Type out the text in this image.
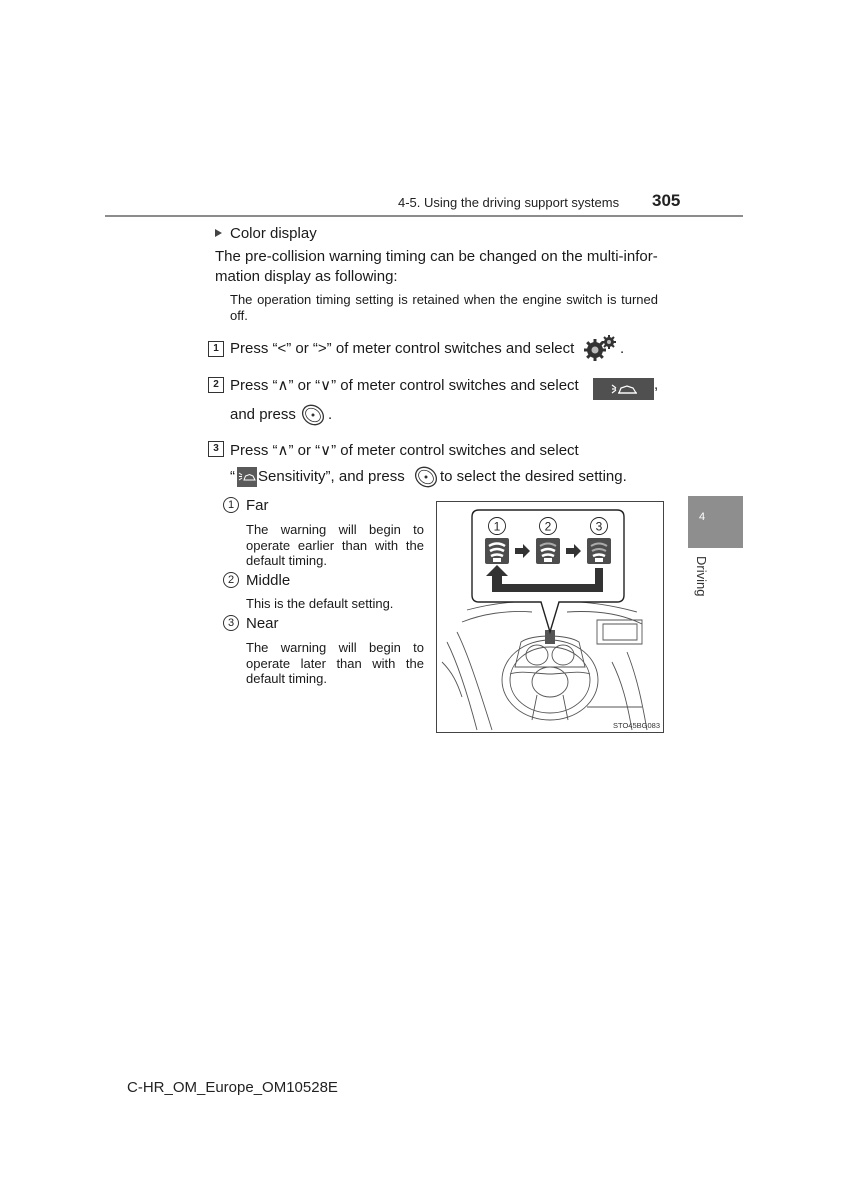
4-5. Using the driving support systems 305
4
Driving
Color display
The pre-collision warning timing can be changed on the multi-infor-
mation display as following:
The operation timing setting is retained when the engine switch is turned off.
1 Press “<” or “>” of meter control switches and select	.
2 Press “∧” or “∨” of meter control switches and select	,
and press .
3 Press “∧” or “∨” of meter control switches and select
“ Sensitivity”, and press to select the desired setting.
1 Far
The warning will begin to operate earlier than with the default timing.
2 Middle
This is the default setting.
3 Near
The warning will begin to operate later than with the default timing.
1	2	3
STO45BG083
C-HR_OM_Europe_OM10528E
